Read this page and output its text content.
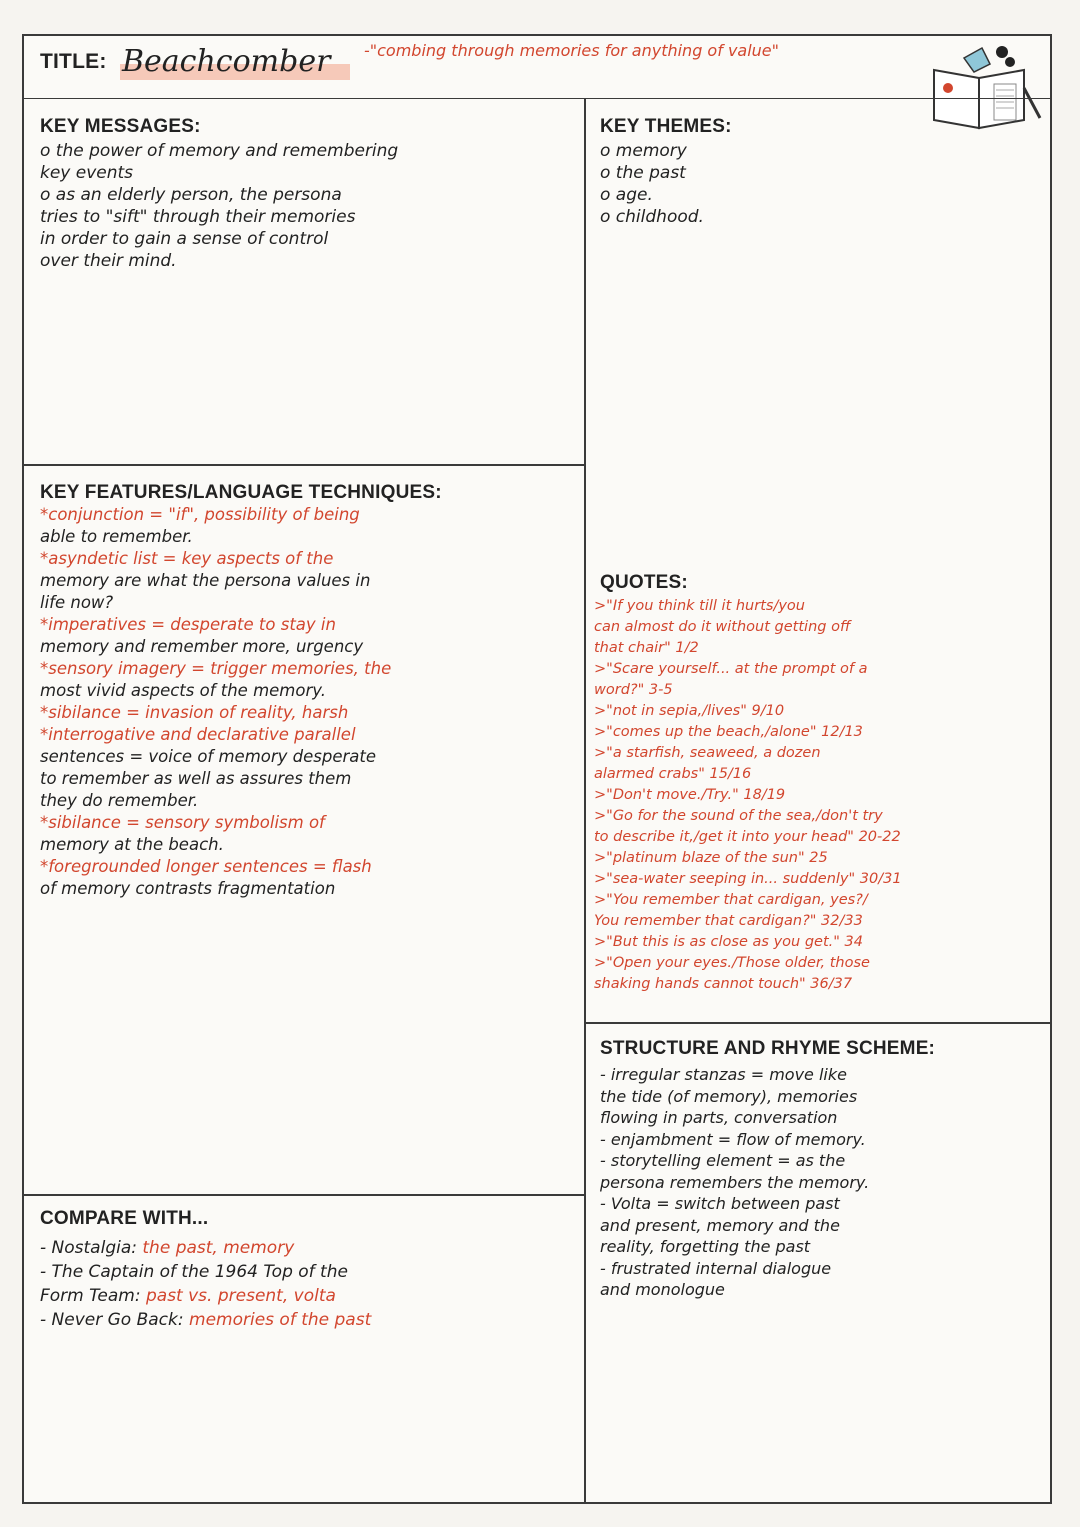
TITLE: Beachcomber -"combing through memories for anything of value"
KEY MESSAGES:
o the power of memory and remembering
key events
o as an elderly person, the persona
tries to "sift" through their memories
in order to gain a sense of control
over their mind.
KEY THEMES:
o memory
o the past
o age.
o childhood.
KEY FEATURES/LANGUAGE TECHNIQUES:
*conjunction = "if", possibility of being
able to remember.
*asyndetic list = key aspects of the
memory are what the persona values in
life now?
*imperatives = desperate to stay in
memory and remember more, urgency
*sensory imagery = trigger memories, the
most vivid aspects of the memory.
*sibilance = invasion of reality, harsh
*interrogative and declarative parallel
sentences = voice of memory desperate
to remember as well as assures them
they do remember.
*sibilance = sensory symbolism of
memory at the beach.
*foregrounded longer sentences = flash
of memory contrasts fragmentation
QUOTES:
>"If you think till it hurts/you
can almost do it without getting off
that chair" 1/2
>"Scare yourself... at the prompt of a
word?" 3-5
>"not in sepia,/lives" 9/10
>"comes up the beach,/alone" 12/13
>"a starfish, seaweed, a dozen
alarmed crabs" 15/16
>"Don't move./Try." 18/19
>"Go for the sound of the sea,/don't try
to describe it,/get it into your head" 20-22
>"platinum blaze of the sun" 25
>"sea-water seeping in... suddenly" 30/31
>"You remember that cardigan, yes?/
You remember that cardigan?" 32/33
>"But this is as close as you get." 34
>"Open your eyes./Those older, those
shaking hands cannot touch" 36/37
STRUCTURE AND RHYME SCHEME:
- irregular stanzas = move like
the tide (of memory), memories
flowing in parts, conversation
- enjambment = flow of memory.
- storytelling element = as the
persona remembers the memory.
- Volta = switch between past
and present, memory and the
reality, forgetting the past
- frustrated internal dialogue
and monologue
COMPARE WITH...
- Nostalgia: the past, memory
- The Captain of the 1964 Top of the
Form Team: past vs. present, volta
- Never Go Back: memories of the past
